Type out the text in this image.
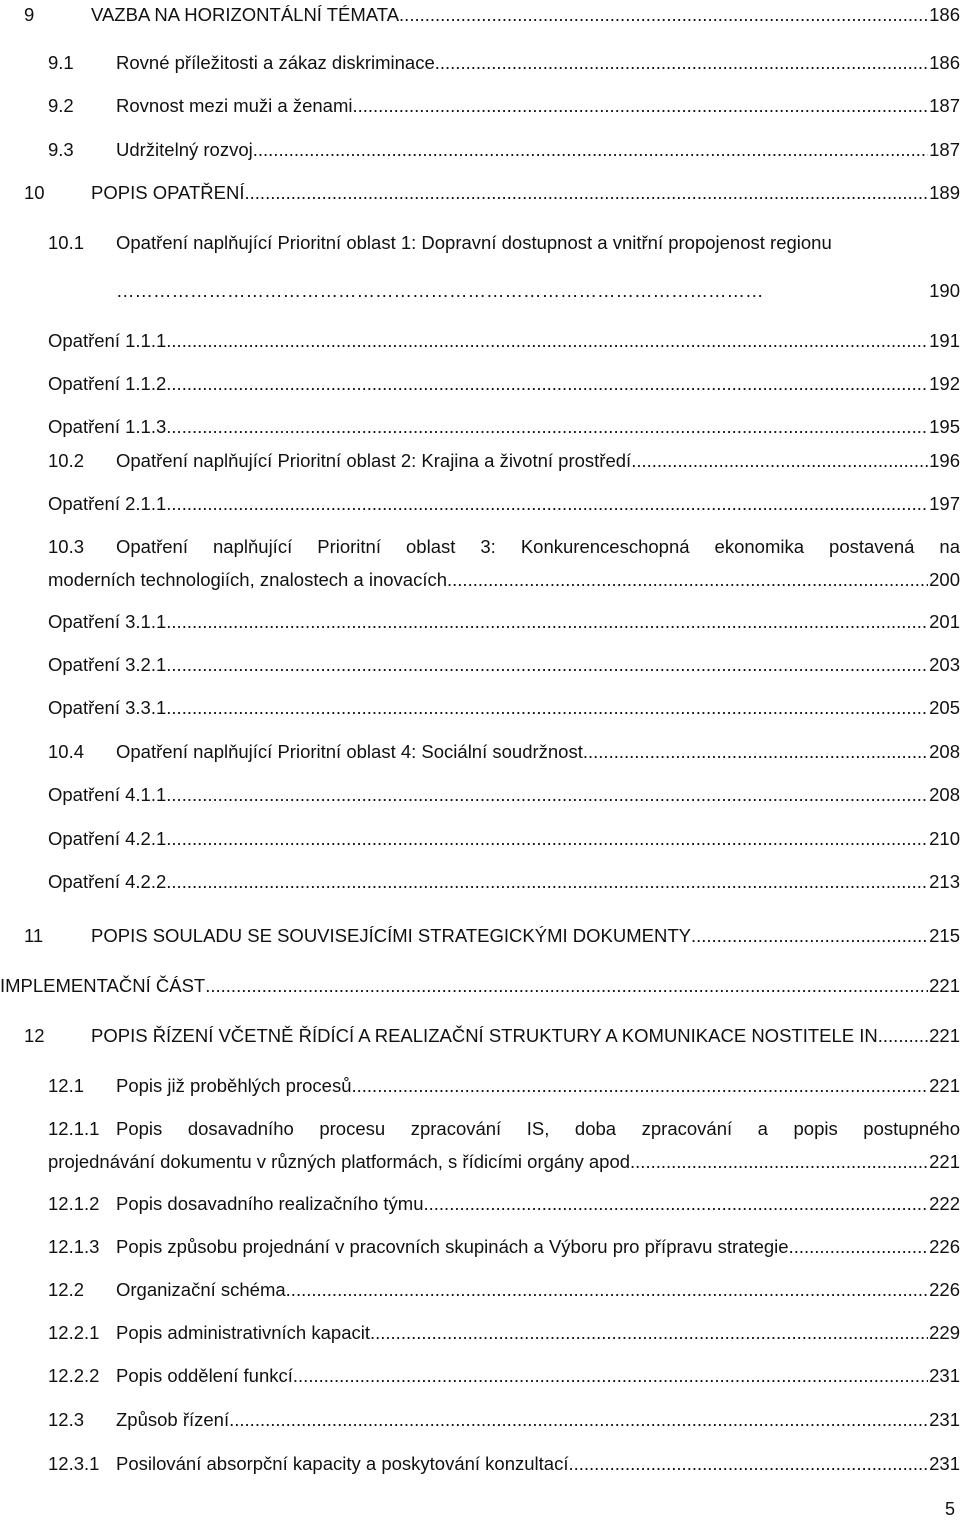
9	VAZBA NA HORIZONTÁLNÍ TÉMATA .....	186
9.1	Rovné příležitosti a zákaz diskriminace .....	186
9.2	Rovnost mezi muži a ženami .....	187
9.3	Udržitelný rozvoj .....	187
10	POPIS OPATŘENÍ .....	189
10.1	Opatření naplňující Prioritní oblast 1: Dopravní dostupnost a vnitřní propojenost regionu
……………………………………………………………………………………………	190
Opatření 1.1.1 .....	191
Opatření 1.1.2 .....	192
Opatření 1.1.3 .....	195
10.2	Opatření naplňující Prioritní oblast 2: Krajina a životní prostředí .....	196
Opatření 2.1.1 .....	197
10.3	Opatření naplňující Prioritní oblast 3: Konkurenceschopná ekonomika postavená na
moderních technologiích, znalostech a inovacích .....	200
Opatření 3.1.1 .....	201
Opatření 3.2.1 .....	203
Opatření 3.3.1 .....	205
10.4	Opatření naplňující Prioritní oblast 4: Sociální soudržnost .....	208
Opatření 4.1.1 .....	208
Opatření 4.2.1 .....	210
Opatření 4.2.2 .....	213
11	POPIS SOULADU SE SOUVISEJÍCÍMI STRATEGICKÝMI DOKUMENTY .....	215
IMPLEMENTAČNÍ ČÁST .....	221
12	POPIS ŘÍZENÍ VČETNĚ ŘÍDÍCÍ A REALIZAČNÍ STRUKTURY A KOMUNIKACE NOSTITELE IN .....	221
12.1	Popis již proběhlých procesů .....	221
12.1.1 Popis dosavadního procesu zpracování IS, doba zpracování a popis postupného
projednávání dokumentu v různých platformách, s řídicími orgány apod. .....	221
12.1.2 Popis dosavadního realizačního týmu .....	222
12.1.3 Popis způsobu projednání v pracovních skupinách a Výboru pro přípravu strategie .....	226
12.2	Organizační schéma .....	226
12.2.1 Popis administrativních kapacit .....	229
12.2.2 Popis oddělení funkcí .....	231
12.3	Způsob řízení .....	231
12.3.1 Posilování absorpční kapacity a poskytování konzultací .....	231
5
